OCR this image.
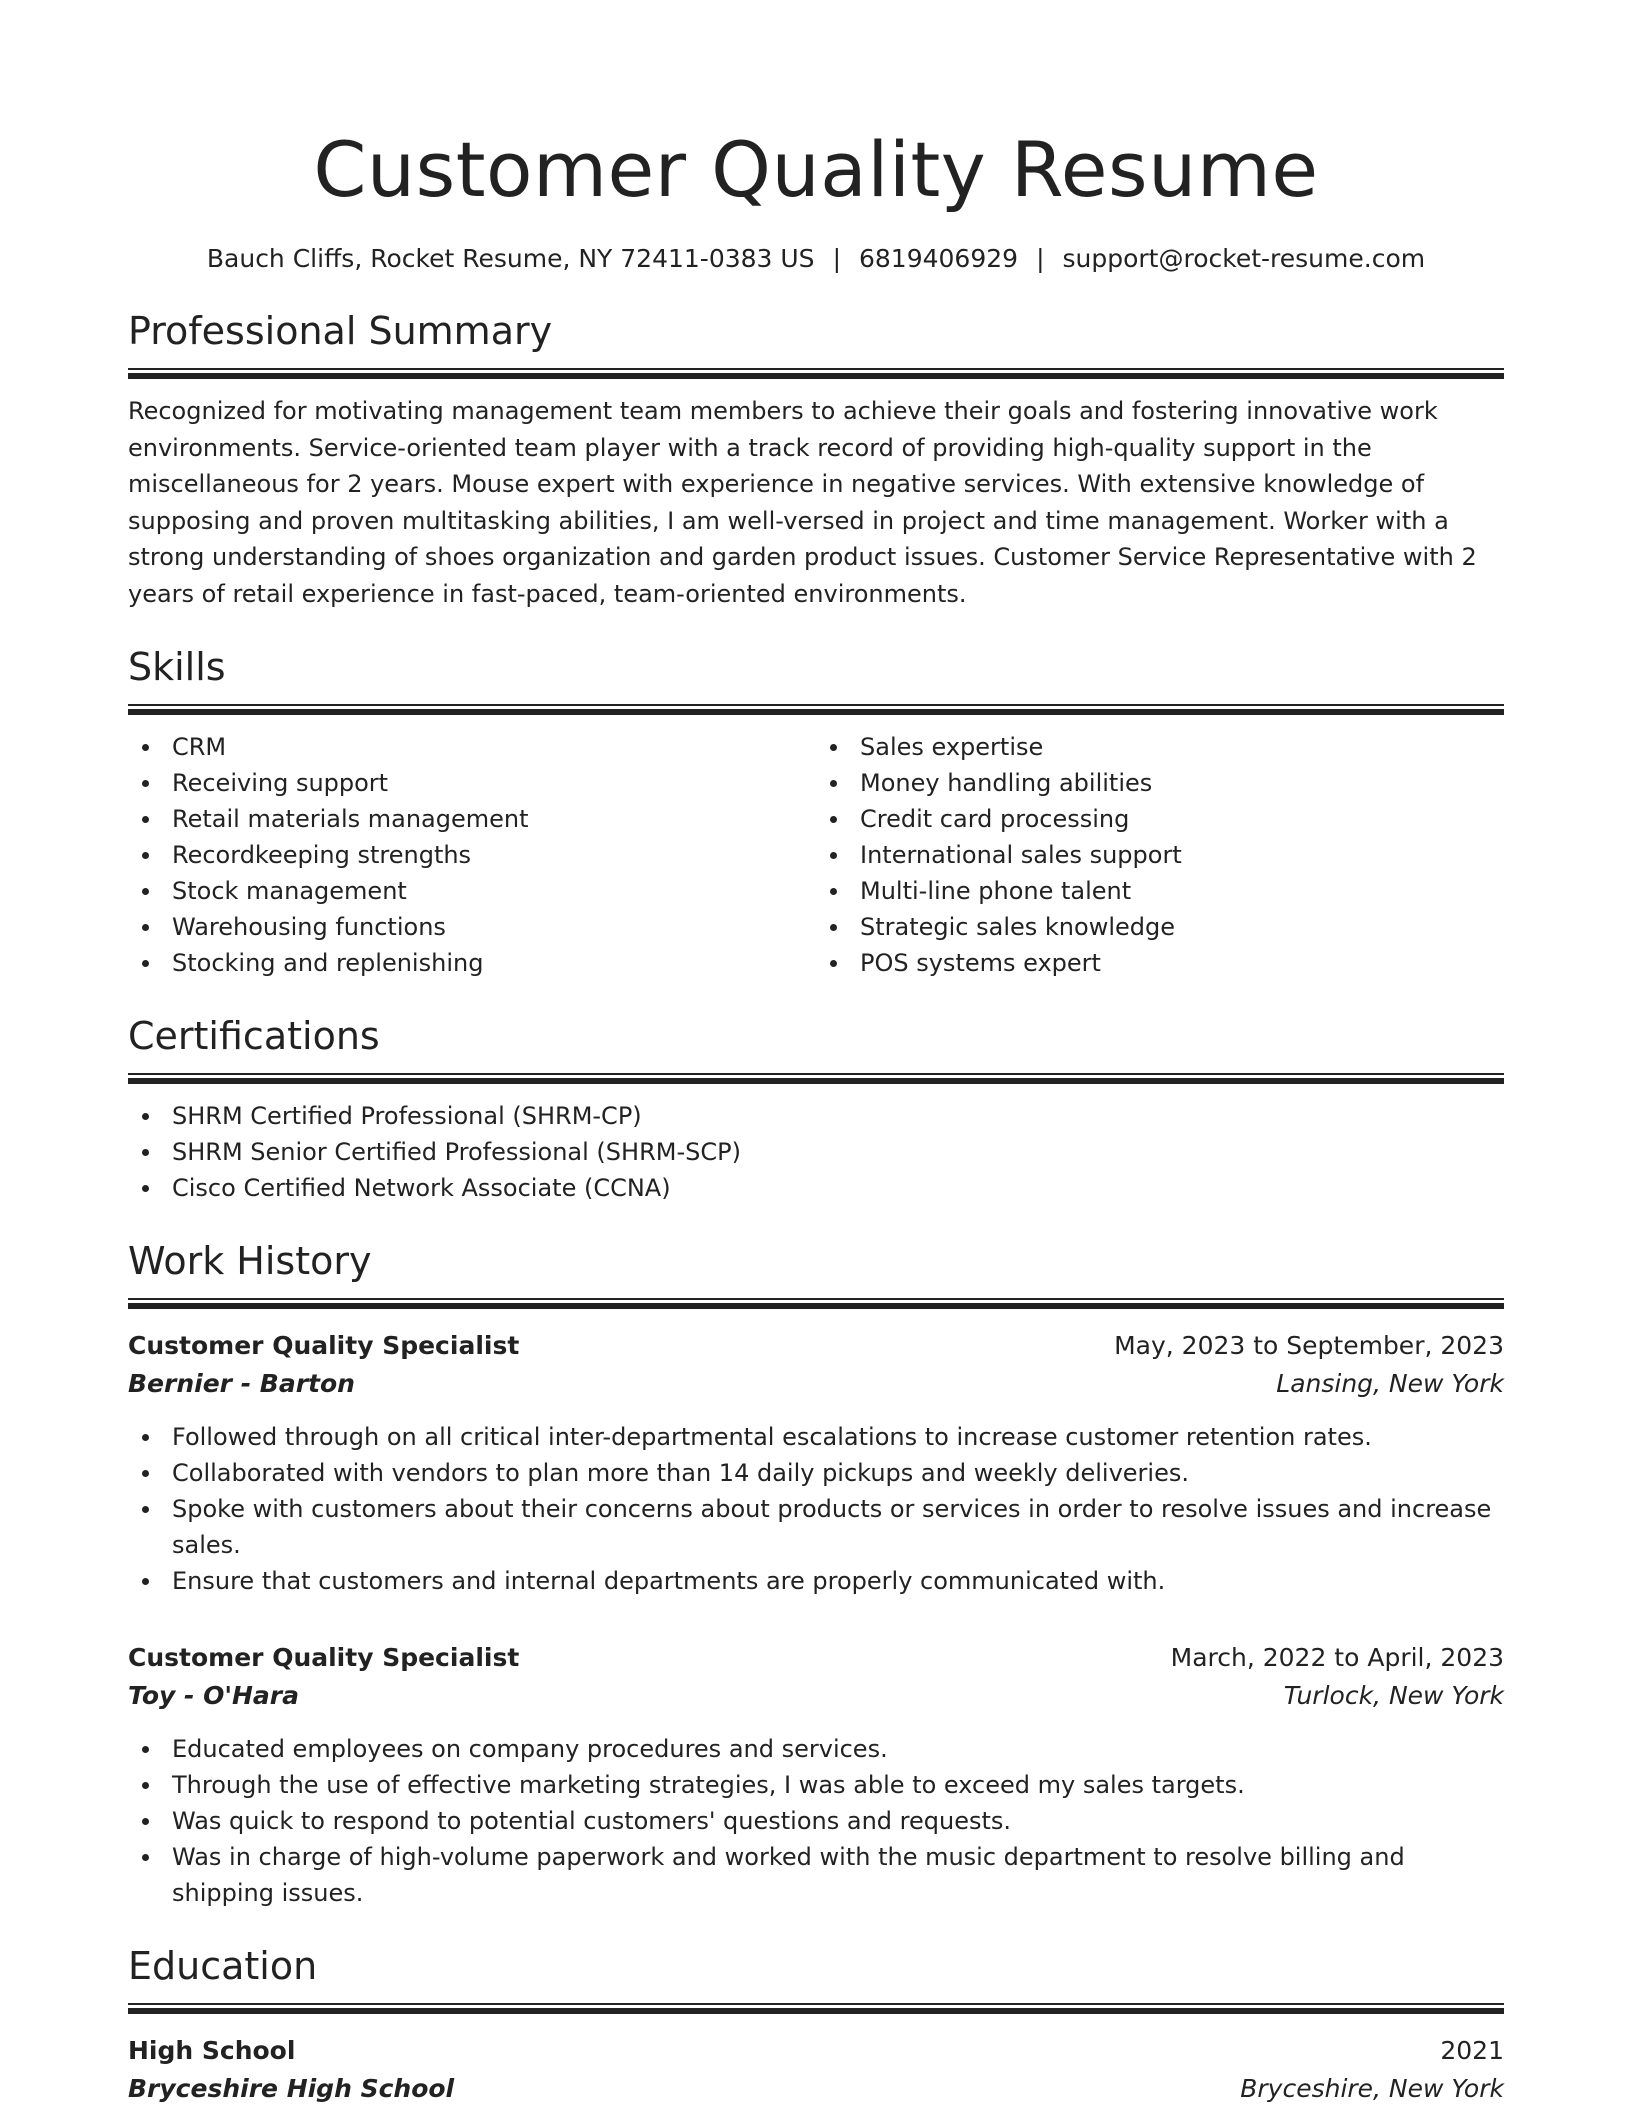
Customer Quality Resume
Bauch Cliffs, Rocket Resume, NY 72411-0383 US | 6819406929 | support@rocket-resume.com
Professional Summary
Recognized for motivating management team members to achieve their goals and fostering innovative work environments. Service-oriented team player with a track record of providing high-quality support in the miscellaneous for 2 years. Mouse expert with experience in negative services. With extensive knowledge of supposing and proven multitasking abilities, I am well-versed in project and time management. Worker with a strong understanding of shoes organization and garden product issues. Customer Service Representative with 2 years of retail experience in fast-paced, team-oriented environments.
Skills
CRM
Receiving support
Retail materials management
Recordkeeping strengths
Stock management
Warehousing functions
Stocking and replenishing
Sales expertise
Money handling abilities
Credit card processing
International sales support
Multi-line phone talent
Strategic sales knowledge
POS systems expert
Certifications
SHRM Certified Professional (SHRM-CP)
SHRM Senior Certified Professional (SHRM-SCP)
Cisco Certified Network Associate (CCNA)
Work History
Customer Quality Specialist	May, 2023 to September, 2023
Bernier - Barton	Lansing, New York
Followed through on all critical inter-departmental escalations to increase customer retention rates.
Collaborated with vendors to plan more than 14 daily pickups and weekly deliveries.
Spoke with customers about their concerns about products or services in order to resolve issues and increase sales.
Ensure that customers and internal departments are properly communicated with.
Customer Quality Specialist	March, 2022 to April, 2023
Toy - O'Hara	Turlock, New York
Educated employees on company procedures and services.
Through the use of effective marketing strategies, I was able to exceed my sales targets.
Was quick to respond to potential customers' questions and requests.
Was in charge of high-volume paperwork and worked with the music department to resolve billing and shipping issues.
Education
High School	2021
Bryceshire High School	Bryceshire, New York
